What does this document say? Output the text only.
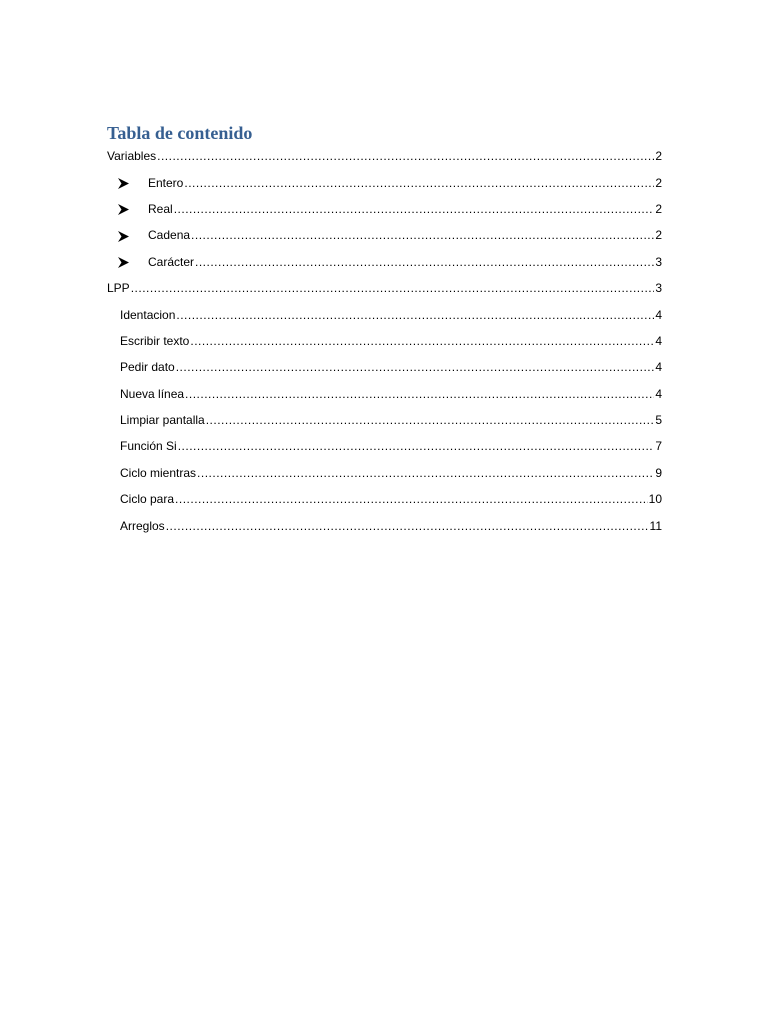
Tabla de contenido
Variables .....	2
Entero .....	2
Real .....	2
Cadena .....	2
Carácter .....	3
LPP .....	3
Identacion .....	4
Escribir texto .....	4
Pedir dato .....	4
Nueva línea .....	4
Limpiar pantalla .....	5
Función Si .....	7
Ciclo mientras .....	9
Ciclo para .....	10
Arreglos .....	11
